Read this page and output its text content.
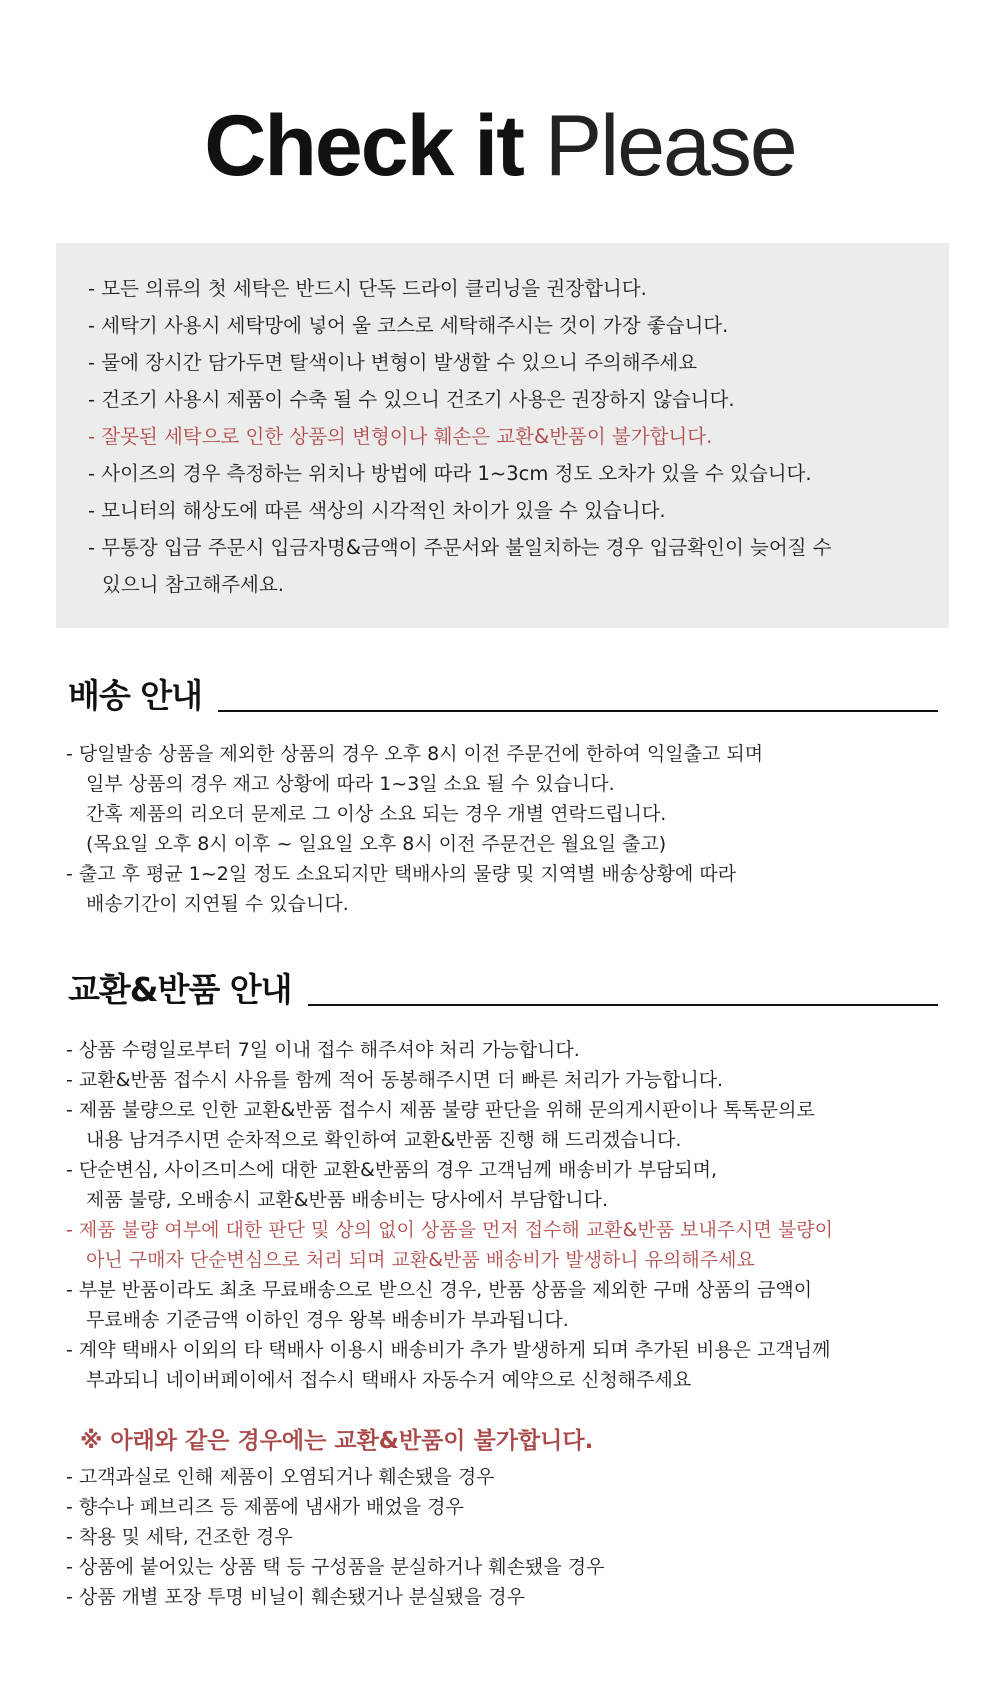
Check it Please
- 모든 의류의 첫 세탁은 반드시 단독 드라이 클리닝을 권장합니다.
- 세탁기 사용시 세탁망에 넣어 울 코스로 세탁해주시는 것이 가장 좋습니다.
- 물에 장시간 담가두면 탈색이나 변형이 발생할 수 있으니 주의해주세요
- 건조기 사용시 제품이 수축 될 수 있으니 건조기 사용은 권장하지 않습니다.
- 잘못된 세탁으로 인한 상품의 변형이나 훼손은 교환&반품이 불가합니다.
- 사이즈의 경우 측정하는 위치나 방법에 따라 1~3cm 정도 오차가 있을 수 있습니다.
- 모니터의 해상도에 따른 색상의 시각적인 차이가 있을 수 있습니다.
- 무통장 입금 주문시 입금자명&금액이 주문서와 불일치하는 경우 입금확인이 늦어질 수
있으니 참고해주세요.
배송 안내
- 당일발송 상품을 제외한 상품의 경우 오후 8시 이전 주문건에 한하여 익일출고 되며
일부 상품의 경우 재고 상황에 따라 1~3일 소요 될 수 있습니다.
간혹 제품의 리오더 문제로 그 이상 소요 되는 경우 개별 연락드립니다.
(목요일 오후 8시 이후 ~ 일요일 오후 8시 이전 주문건은 월요일 출고)
- 출고 후 평균 1~2일 정도 소요되지만 택배사의 물량 및 지역별 배송상황에 따라
배송기간이 지연될 수 있습니다.
교환&반품 안내
- 상품 수령일로부터 7일 이내 접수 해주셔야 처리 가능합니다.
- 교환&반품 접수시 사유를 함께 적어 동봉해주시면 더 빠른 처리가 가능합니다.
- 제품 불량으로 인한 교환&반품 접수시 제품 불량 판단을 위해 문의게시판이나 톡톡문의로
내용 남겨주시면 순차적으로 확인하여 교환&반품 진행 해 드리겠습니다.
- 단순변심, 사이즈미스에 대한 교환&반품의 경우 고객님께 배송비가 부담되며,
제품 불량, 오배송시 교환&반품 배송비는 당사에서 부담합니다.
- 제품 불량 여부에 대한 판단 및 상의 없이 상품을 먼저 접수해 교환&반품 보내주시면 불량이
아닌 구매자 단순변심으로 처리 되며 교환&반품 배송비가 발생하니 유의해주세요
- 부분 반품이라도 최초 무료배송으로 받으신 경우, 반품 상품을 제외한 구매 상품의 금액이
무료배송 기준금액 이하인 경우 왕복 배송비가 부과됩니다.
- 계약 택배사 이외의 타 택배사 이용시 배송비가 추가 발생하게 되며 추가된 비용은 고객님께
부과되니 네이버페이에서 접수시 택배사 자동수거 예약으로 신청해주세요
※ 아래와 같은 경우에는 교환&반품이 불가합니다.
- 고객과실로 인해 제품이 오염되거나 훼손됐을 경우
- 향수나 페브리즈 등 제품에 냄새가 배었을 경우
- 착용 및 세탁, 건조한 경우
- 상품에 붙어있는 상품 택 등 구성품을 분실하거나 훼손됐을 경우
- 상품 개별 포장 투명 비닐이 훼손됐거나 분실됐을 경우
